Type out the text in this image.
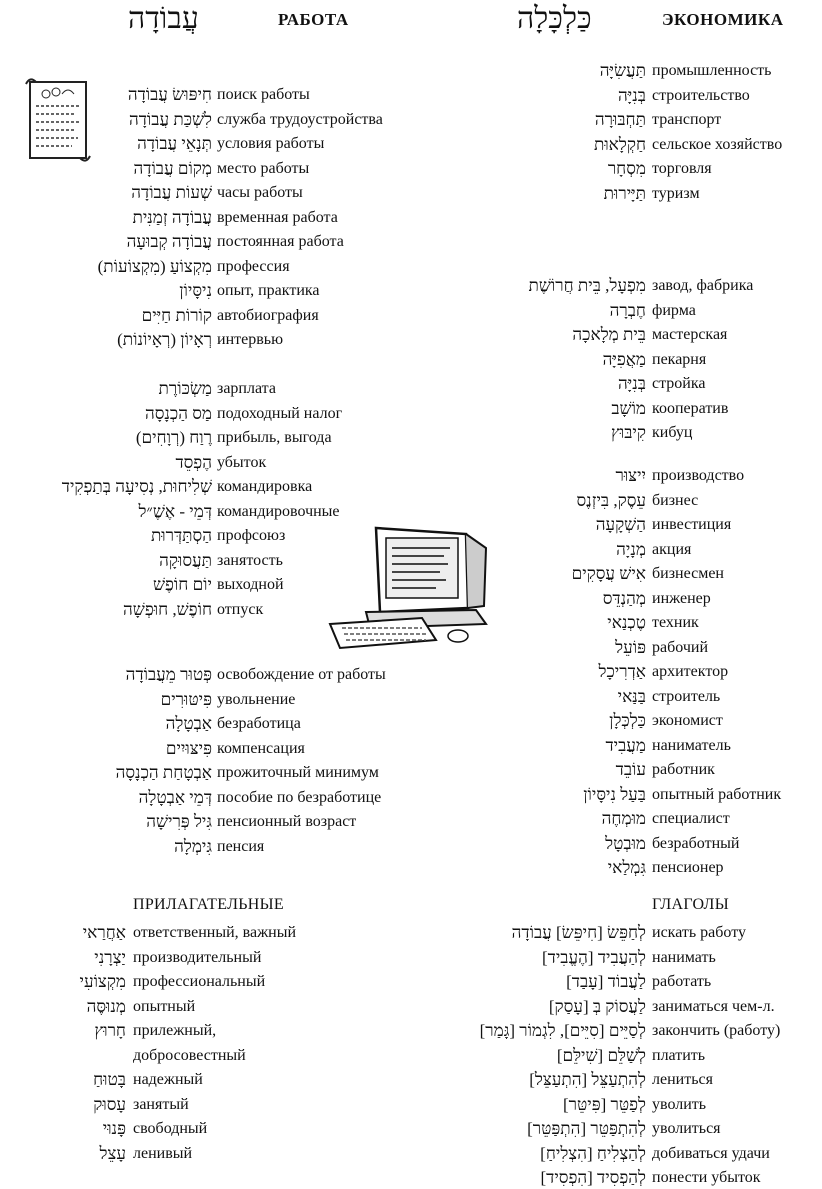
עֲבוֹדָה	РАБОТА	כַּלְכָּלָה	ЭКОНОМИКА
חִיפּוּשׂ עֲבוֹדָה поиск работы
לִשְׁכַּת עֲבוֹדָה служба трудоустройства
תְּנָאֵי עֲבוֹדָה условия работы
מְקוֹם עֲבוֹדָה место работы
שְׁעוֹת עֲבוֹדָה часы работы
עֲבוֹדָה זְמַנִּית временная работа
עֲבוֹדָה קְבוּעָה постоянная работа
מִקְצוֹעַ (מִקְצוֹעוֹת) профессия
נִיסָּיוֹן опыт, практика
קוֹרוֹת חַיִּים автобиография
רְאָיוֹן (רְאָיוֹנוֹת) интервью
מַשְׂכּוֹרֶת зарплата
מַס הַכְנָסָה подоходный налог
רֶוַח (רְוָחִים) прибыль, выгода
הֶפְסֵד убыток
שְׁלִיחוּת, נְסִיעָה בְּתַפְקִיד командировка
דְּמֵי - אֶשֶׁ״ל командировочные
הַסְתַּדְּרוּת профсоюз
תַּעֲסוּקָה занятость
יוֹם חוֹפֶשׁ выходной
חוֹפֶשׁ, חוּפְשָׁה отпуск
פְּטוּר מֵעֲבוֹדָה освобождение от работы
פִּיטּוּרִים увольнение
אַבְטָלָה безработица
פִּיצּוּיִים компенсация
אַבְטָחַת הַכְנָסָה прожиточный минимум
דְּמֵי אַבְטָלָה пособие по безработице
גִּיל פְּרִישָׁה пенсионный возраст
גִּימְלָה пенсия
תַּעֲשִׂיָּה промышленность
בְּנִיָּה строительство
תַּחְבּוּרָה транспорт
חַקְלָאוּת сельское хозяйство
מִסְחָר торговля
תַּיָּירוּת туризм
מִפְעָל, בֵּית חֲרוֹשֶׁת завод, фабрика
חֶבְרָה фирма
בֵּית מְלָאכָה мастерская
מַאֲפִיָּה пекарня
בְּנִיָּה стройка
מוֹשָׁב кооператив
קִיבּוּץ кибуц
יִיצּוּר производство
עֵסֶק, בִּיזְנֶס бизнес
הַשְׁקָעָה инвестиция
מְנָיָה акция
אִישׁ עֲסָקִים бизнесмен
מְהַנְדֵּס инженер
טֶכְנַאי техник
פּוֹעֵל рабочий
אַדְרִיכָל архитектор
בַּנַּאי строитель
כַּלְכְּלָן экономист
מַעֲבִיד наниматель
עוֹבֵד работник
בַּעַל נִיסָּיוֹן опытный работник
מוּמְחֶה специалист
מוּבְטָל безработный
גִּמְלַאי пенсионер
ПРИЛАГАТЕЛЬНЫЕ
אַחֲרַאי ответственный, важный
יַצְרָנִי производительный
מִקְצוֹעִי профессиональный
מְנוּסֶּה опытный
חָרוּץ прилежный,
добросовестный
בָּטוּחַ надежный
עָסוּק занятый
פָּנוּי свободный
עָצֵל ленивый
ГЛАГОЛЫ
לְחַפֵּשׂ [חִיפֵּשׂ] עֲבוֹדָה искать работу
לְהַעֲבִיד [הֶעֱבִיד] нанимать
לַעֲבוֹד [עָבַד] работать
לַעֲסוֹק בְּ [עָסַק] заниматься чем-л.
לְסַיֵּים [סִיֵּים], לִגְמוֹר [גָּמַר] закончить (работу)
לְשַׁלֵּם [שִׁילֵּם] платить
לְהִתְעַצֵּל [הִתְעַצֵּל] лениться
לְפַטֵּר [פִּיטֵּר] уволить
לְהִתְפַּטֵּר [הִתְפַּטֵּר] уволиться
לְהַצְלִיחַ [הִצְלִיחַ] добиваться удачи
לְהַפְסִיד [הִפְסִיד] понести убыток
